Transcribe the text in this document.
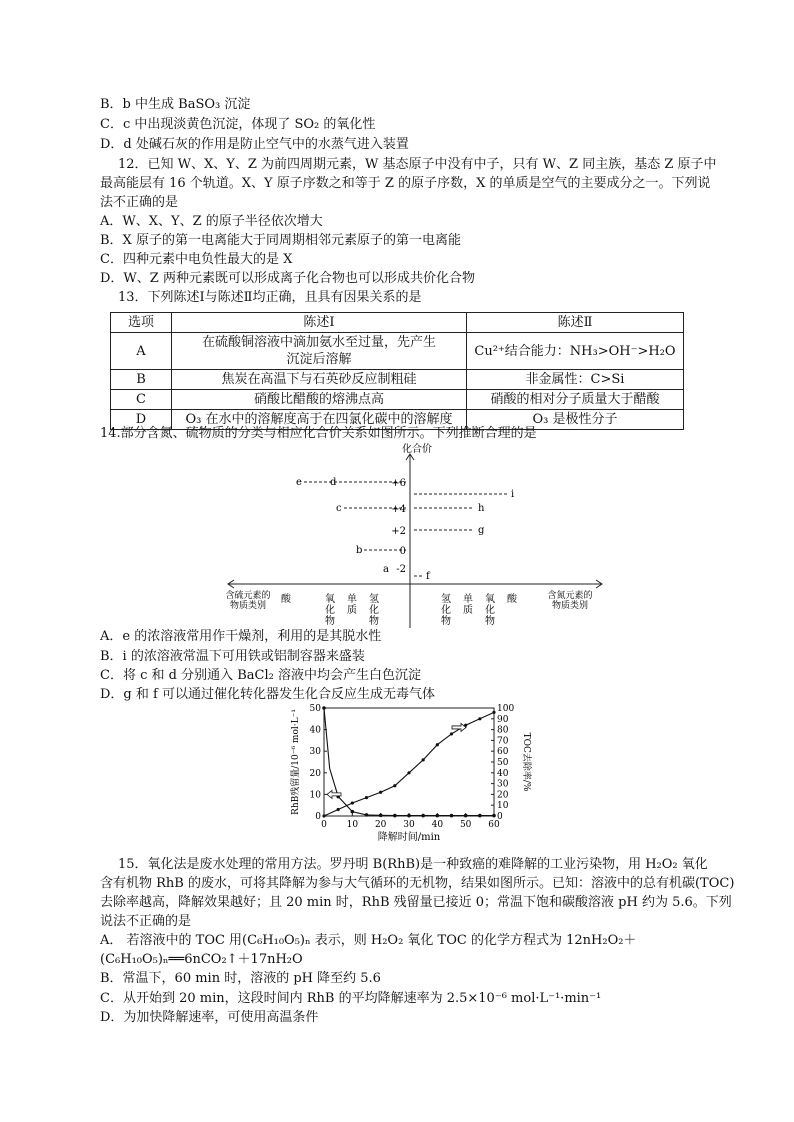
B．b 中生成 BaSO₃ 沉淀
C．c 中出现淡黄色沉淀，体现了 SO₂ 的氧化性
D．d 处碱石灰的作用是防止空气中的水蒸气进入装置
12．已知 W、X、Y、Z 为前四周期元素，W 基态原子中没有中子，只有 W、Z 同主族，基态 Z 原子中
最高能层有 16 个轨道。X、Y 原子序数之和等于 Z 的原子序数，X 的单质是空气的主要成分之一。下列说
法不正确的是
A．W、X、Y、Z 的原子半径依次增大
B．X 原子的第一电离能大于同周期相邻元素原子的第一电离能
C．四种元素中电负性最大的是 X
D．W、Z 两种元素既可以形成离子化合物也可以形成共价化合物
13．下列陈述Ⅰ与陈述Ⅱ均正确，且具有因果关系的是
选项	陈述Ⅰ	陈述Ⅱ
A	在硫酸铜溶液中滴加氨水至过量，先产生沉淀后溶解	Cu²⁺结合能力：NH₃>OH⁻>H₂O
B	焦炭在高温下与石英砂反应制粗硅	非金属性：C>Si
C	硝酸比醋酸的熔沸点高	硝酸的相对分子质量大于醋酸
D	O₃ 在水中的溶解度高于在四氯化碳中的溶解度	O₃ 是极性分子
14.部分含氮、硫物质的分类与相应化合价关系如图所示。下列推断合理的是
化合价
+6
+4
+2
0
-2
e	d
c
b
a
i
h
g
f
酸	氧化物
单质
氢化物
氢化物
单质
氧化物
酸
含硫元素的物质类别
含氮元素的物质类别
A．e 的浓溶液常用作干燥剂，利用的是其脱水性
B．i 的浓溶液常温下可用铁或铝制容器来盛装
C．将 c 和 d 分别通入 BaCl₂ 溶液中均会产生白色沉淀
D．g 和 f 可以通过催化转化器发生化合反应生成无毒气体
0 10 20 30 40 50 60
0
10
20
30
40
50
0
10
20
30
40
50
60
70
80
90
100
降解时间/min
RhB残留量/10⁻⁶ mol·L⁻¹	TOC去除率/%
15．氧化法是废水处理的常用方法。罗丹明 B(RhB)是一种致癌的难降解的工业污染物，用 H₂O₂ 氧化
含有机物 RhB 的废水，可将其降解为参与大气循环的无机物，结果如图所示。已知：溶液中的总有机碳(TOC)
去除率越高，降解效果越好；且 20 min 时，RhB 残留量已接近 0；常温下饱和碳酸溶液 pH 约为 5.6。下列
说法不正确的是
A． 若溶液中的 TOC 用(C₆H₁₀O₅)ₙ 表示，则 H₂O₂ 氧化 TOC 的化学方程式为 12nH₂O₂＋
(C₆H₁₀O₅)ₙ══6nCO₂↑＋17nH₂O
B．常温下，60 min 时，溶液的 pH 降至约 5.6
C．从开始到 20 min，这段时间内 RhB 的平均降解速率为 2.5×10⁻⁶ mol·L⁻¹·min⁻¹
D．为加快降解速率，可使用高温条件
